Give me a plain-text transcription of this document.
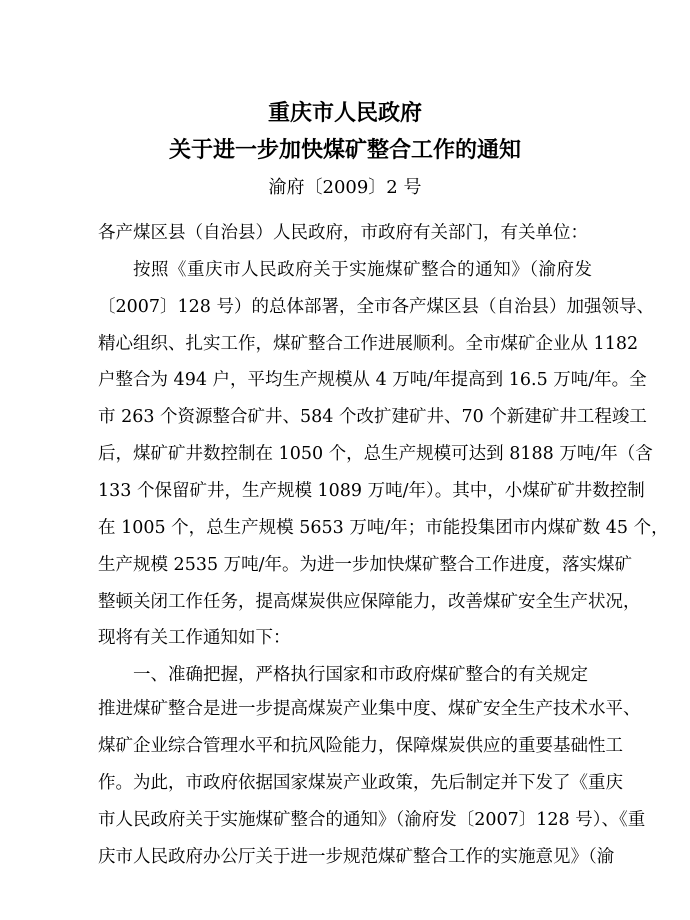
重庆市人民政府
关于进一步加快煤矿整合工作的通知
渝府〔2009〕2 号
各产煤区县（自治县）人民政府，市政府有关部门，有关单位：
按照《重庆市人民政府关于实施煤矿整合的通知》（渝府发
〔2007〕128 号）的总体部署，全市各产煤区县（自治县）加强领导、
精心组织、扎实工作，煤矿整合工作进展顺利。全市煤矿企业从 1182
户整合为 494 户，平均生产规模从 4 万吨/年提高到 16.5 万吨/年。全
市 263 个资源整合矿井、584 个改扩建矿井、70 个新建矿井工程竣工
后，煤矿矿井数控制在 1050 个，总生产规模可达到 8188 万吨/年（含
133 个保留矿井，生产规模 1089 万吨/年）。其中，小煤矿矿井数控制
在 1005 个，总生产规模 5653 万吨/年；市能投集团市内煤矿数 45 个，
生产规模 2535 万吨/年。为进一步加快煤矿整合工作进度，落实煤矿
整顿关闭工作任务，提高煤炭供应保障能力，改善煤矿安全生产状况，
现将有关工作通知如下：
一、准确把握，严格执行国家和市政府煤矿整合的有关规定
推进煤矿整合是进一步提高煤炭产业集中度、煤矿安全生产技术水平、
煤矿企业综合管理水平和抗风险能力，保障煤炭供应的重要基础性工
作。为此，市政府依据国家煤炭产业政策，先后制定并下发了《重庆
市人民政府关于实施煤矿整合的通知》（渝府发〔2007〕128 号）、《重
庆市人民政府办公厅关于进一步规范煤矿整合工作的实施意见》（渝
